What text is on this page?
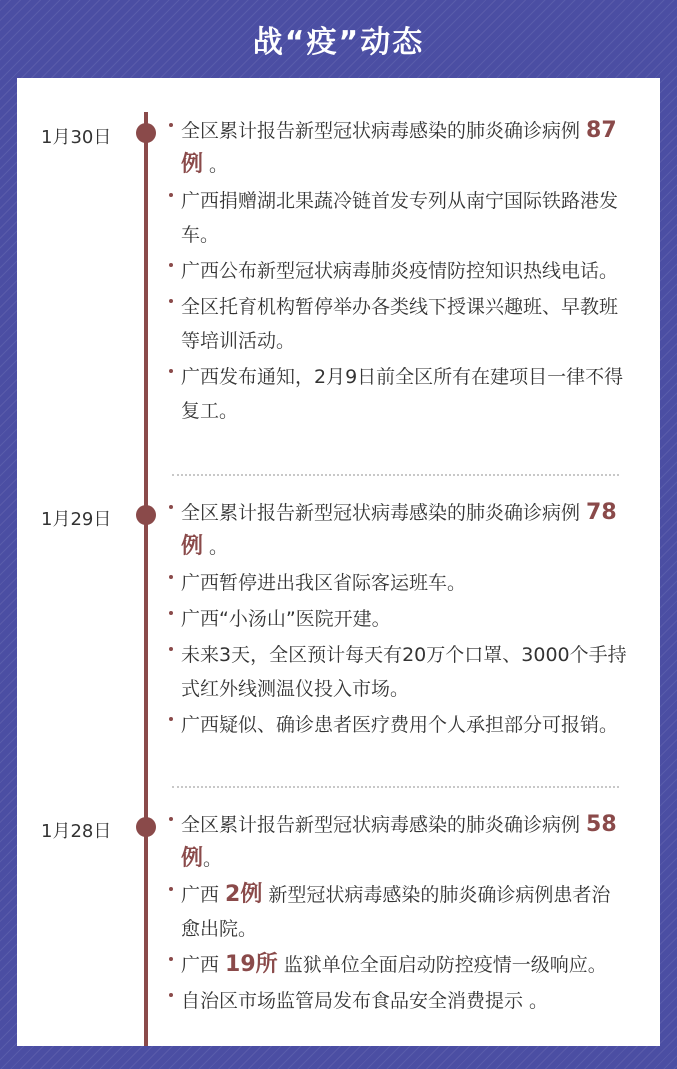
战“疫”动态
1月30日	全区累计报告新型冠状病毒感染的肺炎确诊病例 87例 。
广西捐赠湖北果蔬冷链首发专列从南宁国际铁路港发车。
广西公布新型冠状病毒肺炎疫情防控知识热线电话。
全区托育机构暂停举办各类线下授课兴趣班、早教班等培训活动。
广西发布通知，2月9日前全区所有在建项目一律不得复工。
1月29日	全区累计报告新型冠状病毒感染的肺炎确诊病例 78例 。
广西暂停进出我区省际客运班车。
广西“小汤山”医院开建。
未来3天，全区预计每天有20万个口罩、3000个手持式红外线测温仪投入市场。
广西疑似、确诊患者医疗费用个人承担部分可报销。
1月28日	全区累计报告新型冠状病毒感染的肺炎确诊病例 58例。
广西 2例 新型冠状病毒感染的肺炎确诊病例患者治愈出院。
广西 19所 监狱单位全面启动防控疫情一级响应。
自治区市场监管局发布食品安全消费提示 。
